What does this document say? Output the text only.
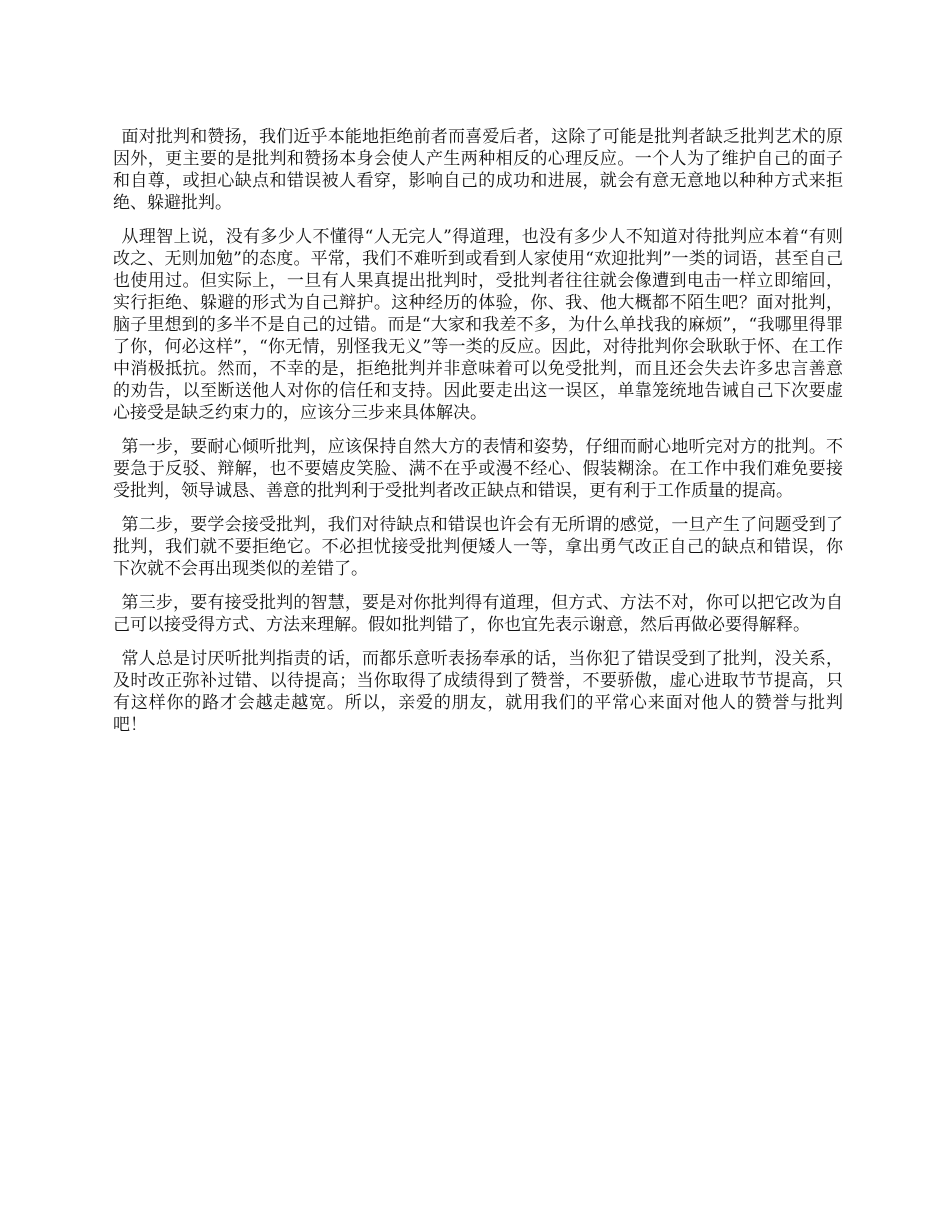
面对批判和赞扬，我们近乎本能地拒绝前者而喜爱后者，这除了可能是批判者缺乏批判艺术的原因外，更主要的是批判和赞扬本身会使人产生两种相反的心理反应。一个人为了维护自己的面子和自尊，或担心缺点和错误被人看穿，影响自己的成功和进展，就会有意无意地以种种方式来拒绝、躲避批判。

从理智上说，没有多少人不懂得“人无完人”得道理，也没有多少人不知道对待批判应本着“有则改之、无则加勉”的态度。平常，我们不难听到或看到人家使用“欢迎批判”一类的词语，甚至自己也使用过。但实际上，一旦有人果真提出批判时，受批判者往往就会像遭到电击一样立即缩回，实行拒绝、躲避的形式为自己辩护。这种经历的体验，你、我、他大概都不陌生吧？面对批判，脑子里想到的多半不是自己的过错。而是“大家和我差不多，为什么单找我的麻烦”，“我哪里得罪了你，何必这样”，“你无情，别怪我无义”等一类的反应。因此，对待批判你会耿耿于怀、在工作中消极抵抗。然而，不幸的是，拒绝批判并非意味着可以免受批判，而且还会失去许多忠言善意的劝告，以至断送他人对你的信任和支持。因此要走出这一误区，单靠笼统地告诫自己下次要虚心接受是缺乏约束力的，应该分三步来具体解决。

第一步，要耐心倾听批判，应该保持自然大方的表情和姿势，仔细而耐心地听完对方的批判。不要急于反驳、辩解，也不要嬉皮笑脸、满不在乎或漫不经心、假装糊涂。在工作中我们难免要接受批判，领导诚恳、善意的批判利于受批判者改正缺点和错误，更有利于工作质量的提高。

第二步，要学会接受批判，我们对待缺点和错误也许会有无所谓的感觉，一旦产生了问题受到了批判，我们就不要拒绝它。不必担忧接受批判便矮人一等，拿出勇气改正自己的缺点和错误，你下次就不会再出现类似的差错了。

第三步，要有接受批判的智慧，要是对你批判得有道理，但方式、方法不对，你可以把它改为自己可以接受得方式、方法来理解。假如批判错了，你也宜先表示谢意，然后再做必要得解释。

常人总是讨厌听批判指责的话，而都乐意听表扬奉承的话，当你犯了错误受到了批判，没关系，及时改正弥补过错、以待提高；当你取得了成绩得到了赞誉，不要骄傲，虚心进取节节提高，只有这样你的路才会越走越宽。所以，亲爱的朋友，就用我们的平常心来面对他人的赞誉与批判吧！
